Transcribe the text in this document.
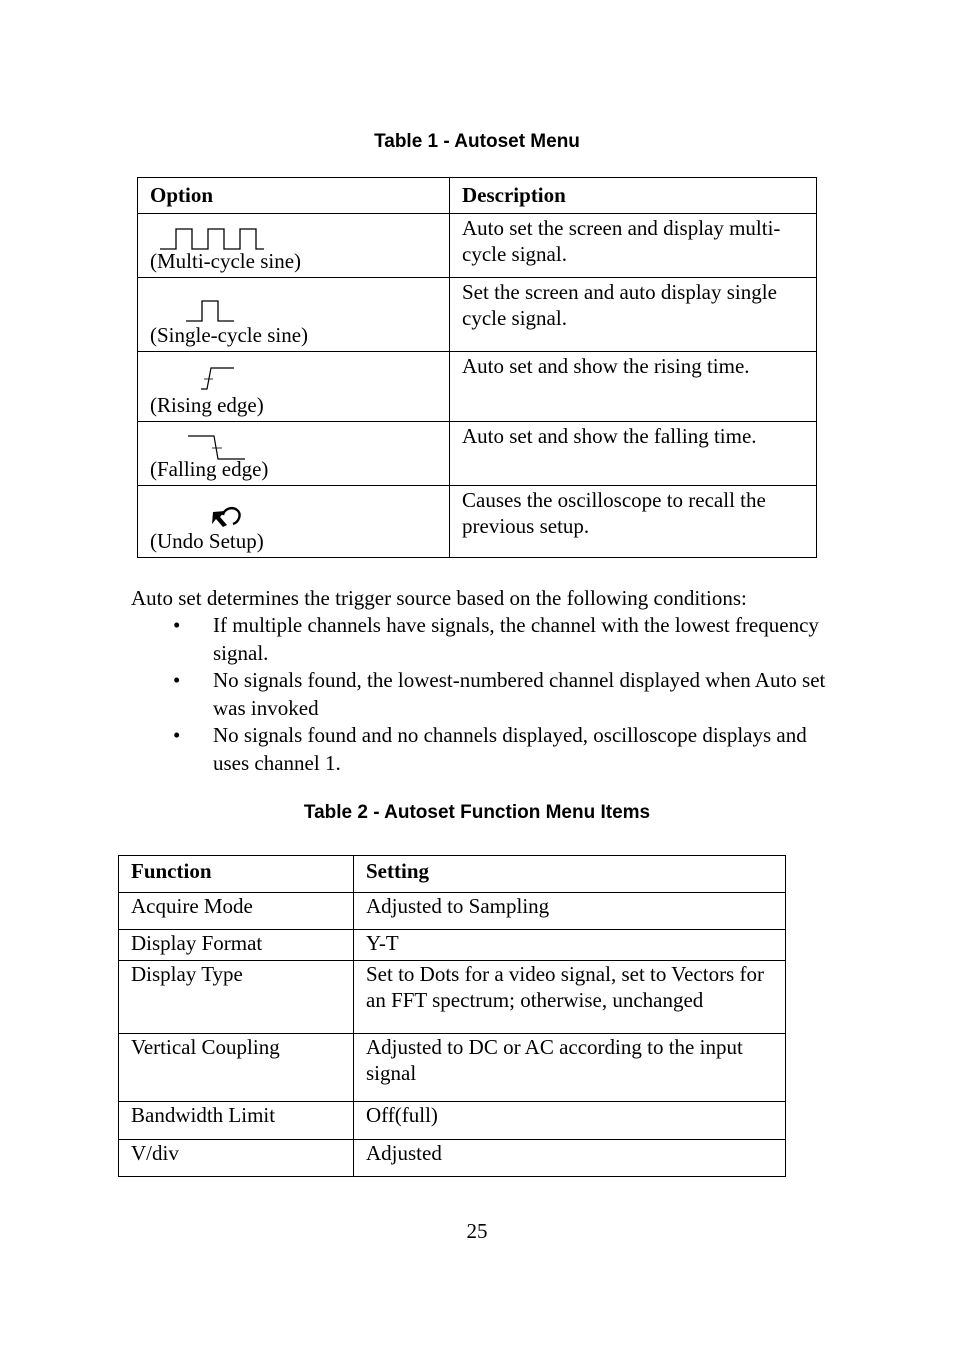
Table 1 - Autoset Menu
Option	Description

(Multi-cycle sine)	Auto set the screen and display multi-cycle signal.

(Single-cycle sine)	Set the screen and auto display single cycle signal.

(Rising edge)	Auto set and show the rising time.

(Falling edge)	Auto set and show the falling time.

(Undo Setup)	Causes the oscilloscope to recall the previous setup.
Auto set determines the trigger source based on the following conditions:
• If multiple channels have signals, the channel with the lowest frequency signal.
• No signals found, the lowest-numbered channel displayed when Auto set was invoked
• No signals found and no channels displayed, oscilloscope displays and uses channel 1.
Table 2 - Autoset Function Menu Items
Function	Setting
Acquire Mode	Adjusted to Sampling
Display Format	Y-T
Display Type	Set to Dots for a video signal, set to Vectors for an FFT spectrum; otherwise, unchanged
Vertical Coupling	Adjusted to DC or AC according to the input signal
Bandwidth Limit	Off(full)
V/div	Adjusted
25
